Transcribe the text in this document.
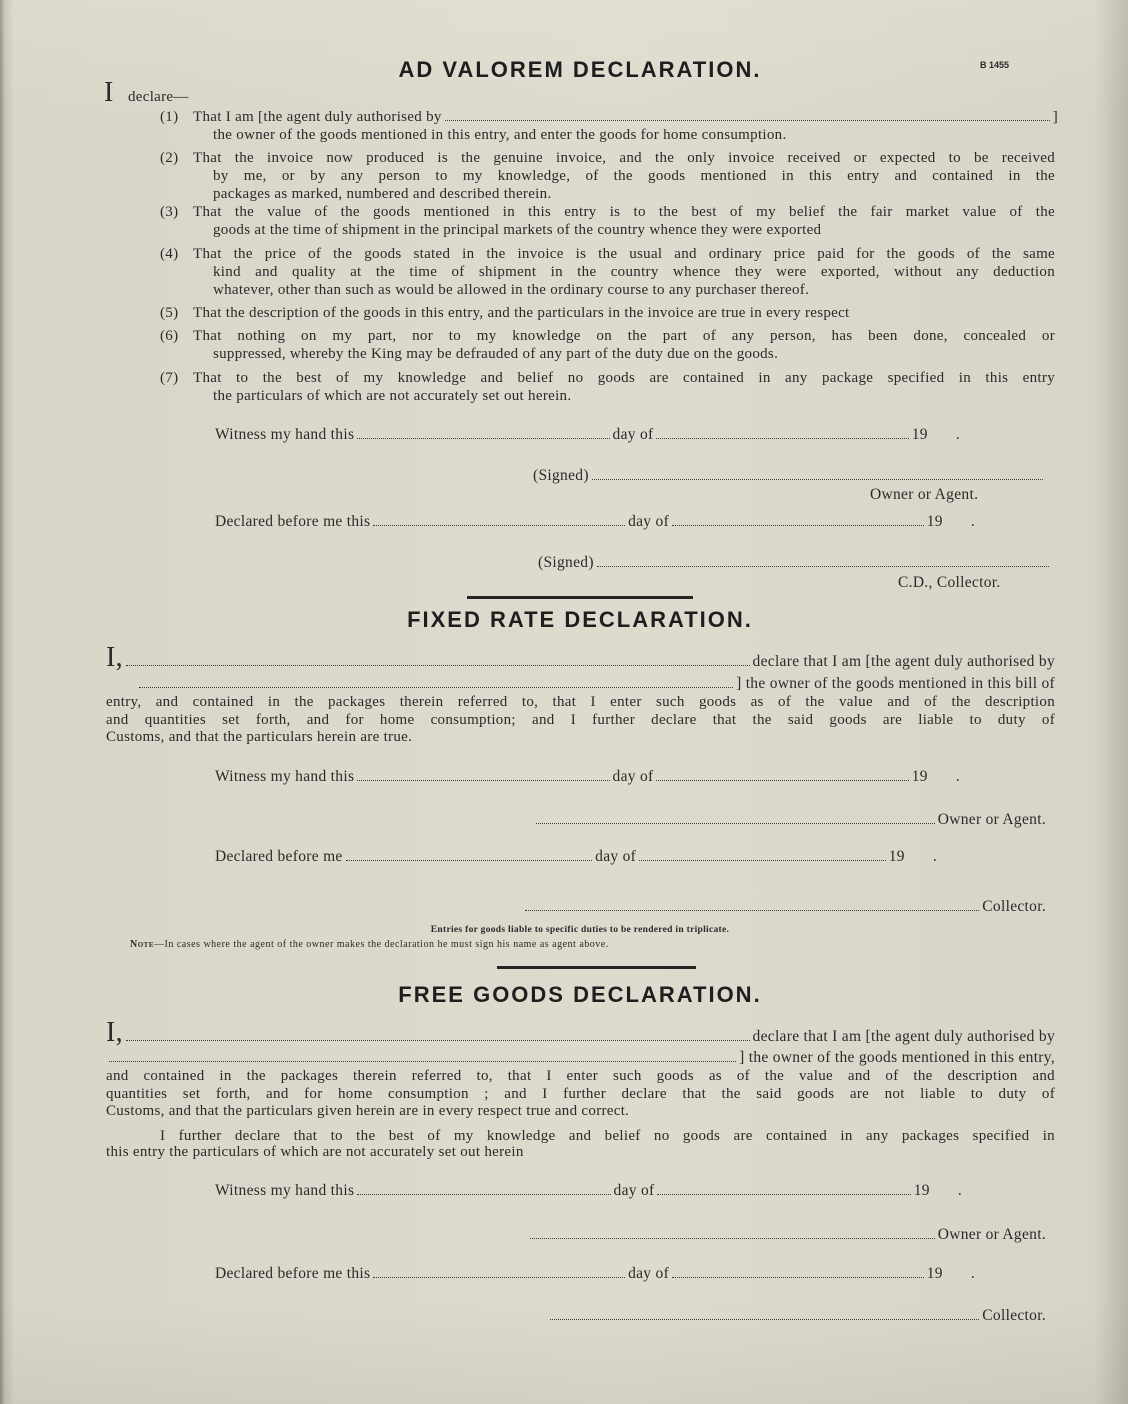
B 1455
AD VALOREM DECLARATION.
I declare—
(1) That I am [the agent duly authorised by	]
the owner of the goods mentioned in this entry, and enter the goods for home consumption.
(2) That the invoice now produced is the genuine invoice, and the only invoice received or expected to be received
by me, or by any person to my knowledge, of the goods mentioned in this entry and contained in the
packages as marked, numbered and described therein.
(3) That the value of the goods mentioned in this entry is to the best of my belief the fair market value of the
goods at the time of shipment in the principal markets of the country whence they were exported
(4) That the price of the goods stated in the invoice is the usual and ordinary price paid for the goods of the same
kind and quality at the time of shipment in the country whence they were exported, without any deduction
whatever, other than such as would be allowed in the ordinary course to any purchaser thereof.
(5) That the description of the goods in this entry, and the particulars in the invoice are true in every respect
(6) That nothing on my part, nor to my knowledge on the part of any person, has been done, concealed or
suppressed, whereby the King may be defrauded of any part of the duty due on the goods.
(7) That to the best of my knowledge and belief no goods are contained in any package specified in this entry
the particulars of which are not accurately set out herein.
Witness my hand this	day of	19 .
(Signed)
Owner or Agent.
Declared before me this	day of	19 .
(Signed)
C.D., Collector.
FIXED RATE DECLARATION.
I,	declare that I am [the agent duly authorised by
] the owner of the goods mentioned in this bill of
entry, and contained in the packages therein referred to, that I enter such goods as of the value and of the description
and quantities set forth, and for home consumption; and I further declare that the said goods are liable to duty of
Customs, and that the particulars herein are true.
Witness my hand this	day of	19 .
Owner or Agent.
Declared before me	day of	19 .
Collector.
Entries for goods liable to specific duties to be rendered in triplicate.
Note—In cases where the agent of the owner makes the declaration he must sign his name as agent above.
FREE GOODS DECLARATION.
I,	declare that I am [the agent duly authorised by
] the owner of the goods mentioned in this entry,
and contained in the packages therein referred to, that I enter such goods as of the value and of the description and
quantities set forth, and for home consumption ; and I further declare that the said goods are not liable to duty of
Customs, and that the particulars given herein are in every respect true and correct.
I further declare that to the best of my knowledge and belief no goods are contained in any packages specified in
this entry the particulars of which are not accurately set out herein
Witness my hand this	day of	19 .
Owner or Agent.
Declared before me this	day of	19 .
Collector.
